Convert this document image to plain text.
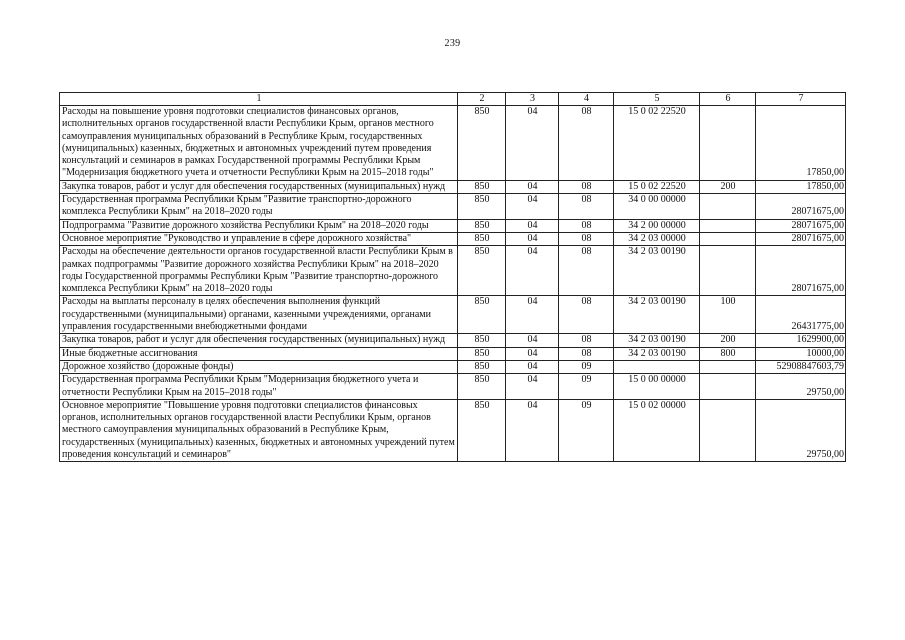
239
1	2	3	4	5	6	7
Расходы на повышение уровня подготовки специалистов финансовых органов, исполнительных органов государственной власти Республики Крым, органов местного самоуправления муниципальных образований в Республике Крым, государственных (муниципальных) казенных, бюджетных и автономных учреждений путем проведения консультаций и семинаров в рамках Государственной программы Республики Крым "Модернизация бюджетного учета и отчетности Республики Крым на 2015–2018 годы"	850	04	08	15 0 02 22520		17850,00
Закупка товаров, работ и услуг для обеспечения государственных (муниципальных) нужд	850	04	08	15 0 02 22520	200	17850,00
Государственная программа Республики Крым "Развитие транспортно-дорожного комплекса Республики Крым" на 2018–2020 годы	850	04	08	34 0 00 00000		28071675,00
Подпрограмма "Развитие дорожного хозяйства Республики Крым" на 2018–2020 годы	850	04	08	34 2 00 00000		28071675,00
Основное мероприятие "Руководство и управление в сфере дорожного хозяйства"	850	04	08	34 2 03 00000		28071675,00
Расходы на обеспечение деятельности органов государственной власти Республики Крым в рамках подпрограммы "Развитие дорожного хозяйства Республики Крым" на 2018–2020 годы Государственной программы Республики Крым "Развитие транспортно-дорожного комплекса Республики Крым" на 2018–2020 годы	850	04	08	34 2 03 00190		28071675,00
Расходы на выплаты персоналу в целях обеспечения выполнения функций государственными (муниципальными) органами, казенными учреждениями, органами управления государственными внебюджетными фондами	850	04	08	34 2 03 00190	100	26431775,00
Закупка товаров, работ и услуг для обеспечения государственных (муниципальных) нужд	850	04	08	34 2 03 00190	200	1629900,00
Иные бюджетные ассигнования	850	04	08	34 2 03 00190	800	10000,00
Дорожное хозяйство (дорожные фонды)	850	04	09			52908847603,79
Государственная программа Республики Крым "Модернизация бюджетного учета и отчетности Республики Крым на 2015–2018 годы"	850	04	09	15 0 00 00000		29750,00
Основное мероприятие "Повышение уровня подготовки специалистов финансовых органов, исполнительных органов государственной власти Республики Крым, органов местного самоуправления муниципальных образований в Республике Крым, государственных (муниципальных) казенных, бюджетных и автономных учреждений путем проведения консультаций и семинаров"	850	04	09	15 0 02 00000		29750,00
